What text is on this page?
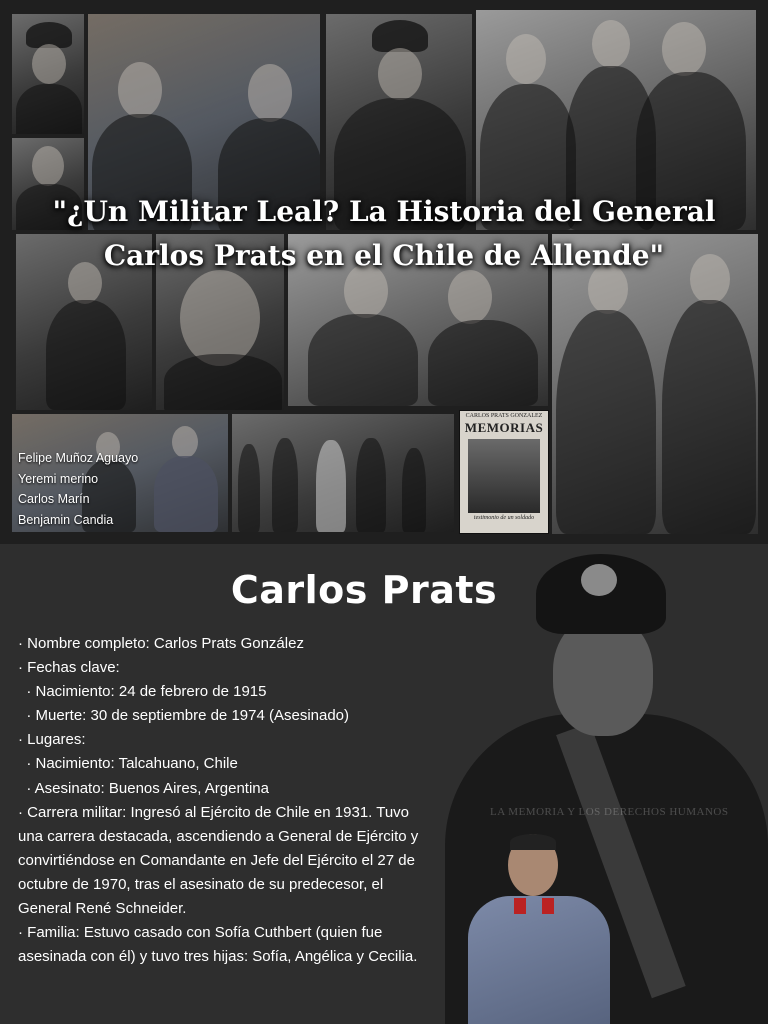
CARLOS PRATS GONZALEZ
MEMORIAS
testimonio de un soldado
"¿Un Militar Leal? La Historia del General
Carlos Prats en el Chile de Allende"
Felipe Muñoz Aguayo
Yeremi merino
Carlos Marín
Benjamin Candia
LA MEMORIA Y LOS DERECHOS HUMANOS
Carlos Prats
· Nombre completo: Carlos Prats González
· Fechas clave:
· Nacimiento: 24 de febrero de 1915
· Muerte: 30 de septiembre de 1974 (Asesinado)
· Lugares:
· Nacimiento: Talcahuano, Chile
· Asesinato: Buenos Aires, Argentina
· Carrera militar: Ingresó al Ejército de Chile en 1931. Tuvo una carrera destacada, ascendiendo a General de Ejército y convirtiéndose en Comandante en Jefe del Ejército el 27 de octubre de 1970, tras el asesinato de su predecesor, el General René Schneider.
· Familia: Estuvo casado con Sofía Cuthbert (quien fue asesinada con él) y tuvo tres hijas: Sofía, Angélica y Cecilia.
